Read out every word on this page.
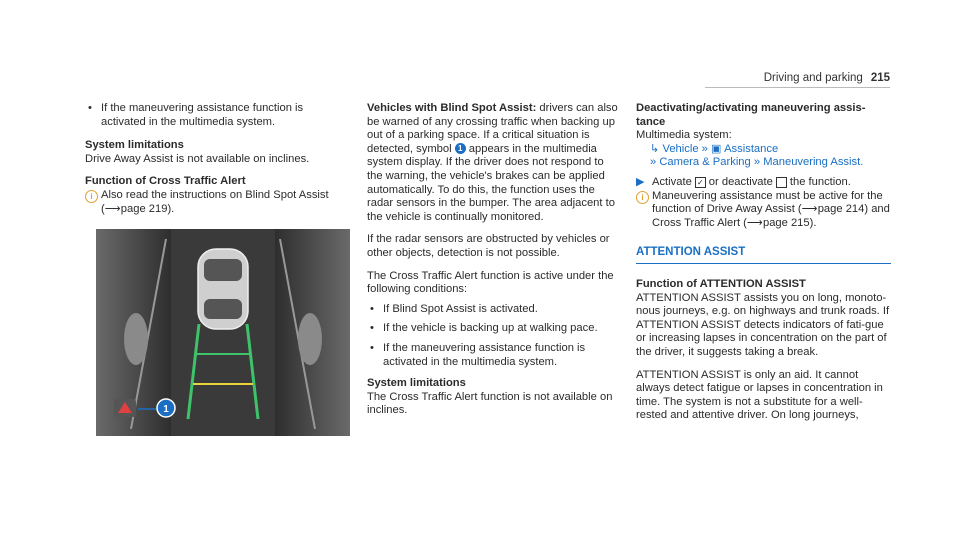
Driving and parking 215
• If the maneuvering assistance function is activated in the multimedia system.
System limitations
Drive Away Assist is not available on inclines.
Function of Cross Traffic Alert
i Also read the instructions on Blind Spot Assist (⟶page 219).
1
Vehicles with Blind Spot Assist: drivers can also be warned of any crossing traffic when backing up out of a parking space. If a critical situation is detected, symbol 1 appears in the multimedia system display. If the driver does not respond to the warning, the vehicle's brakes can be applied automatically. To do this, the function uses the radar sensors in the bumper. The area adjacent to the vehicle is continually monitored.
If the radar sensors are obstructed by vehicles or other objects, detection is not possible.
The Cross Traffic Alert function is active under the following conditions:
• If Blind Spot Assist is activated.
• If the vehicle is backing up at walking pace.
• If the maneuvering assistance function is activated in the multimedia system.
System limitations
The Cross Traffic Alert function is not available on inclines.
Deactivating/activating maneuvering assis-tance
Multimedia system:
↳ Vehicle » ▣ Assistance
» Camera & Parking » Maneuvering Assist.
▶ Activate ✓ or deactivate the function.
i Maneuvering assistance must be active for the function of Drive Away Assist (⟶page 214) and Cross Traffic Alert (⟶page 215).
ATTENTION ASSIST
Function of ATTENTION ASSIST
ATTENTION ASSIST assists you on long, monoto-nous journeys, e.g. on highways and trunk roads. If ATTENTION ASSIST detects indicators of fati-gue or increasing lapses in concentration on the part of the driver, it suggests taking a break.
ATTENTION ASSIST is only an aid. It cannot always detect fatigue or lapses in concentration in time. The system is not a substitute for a well-rested and attentive driver. On long journeys,
